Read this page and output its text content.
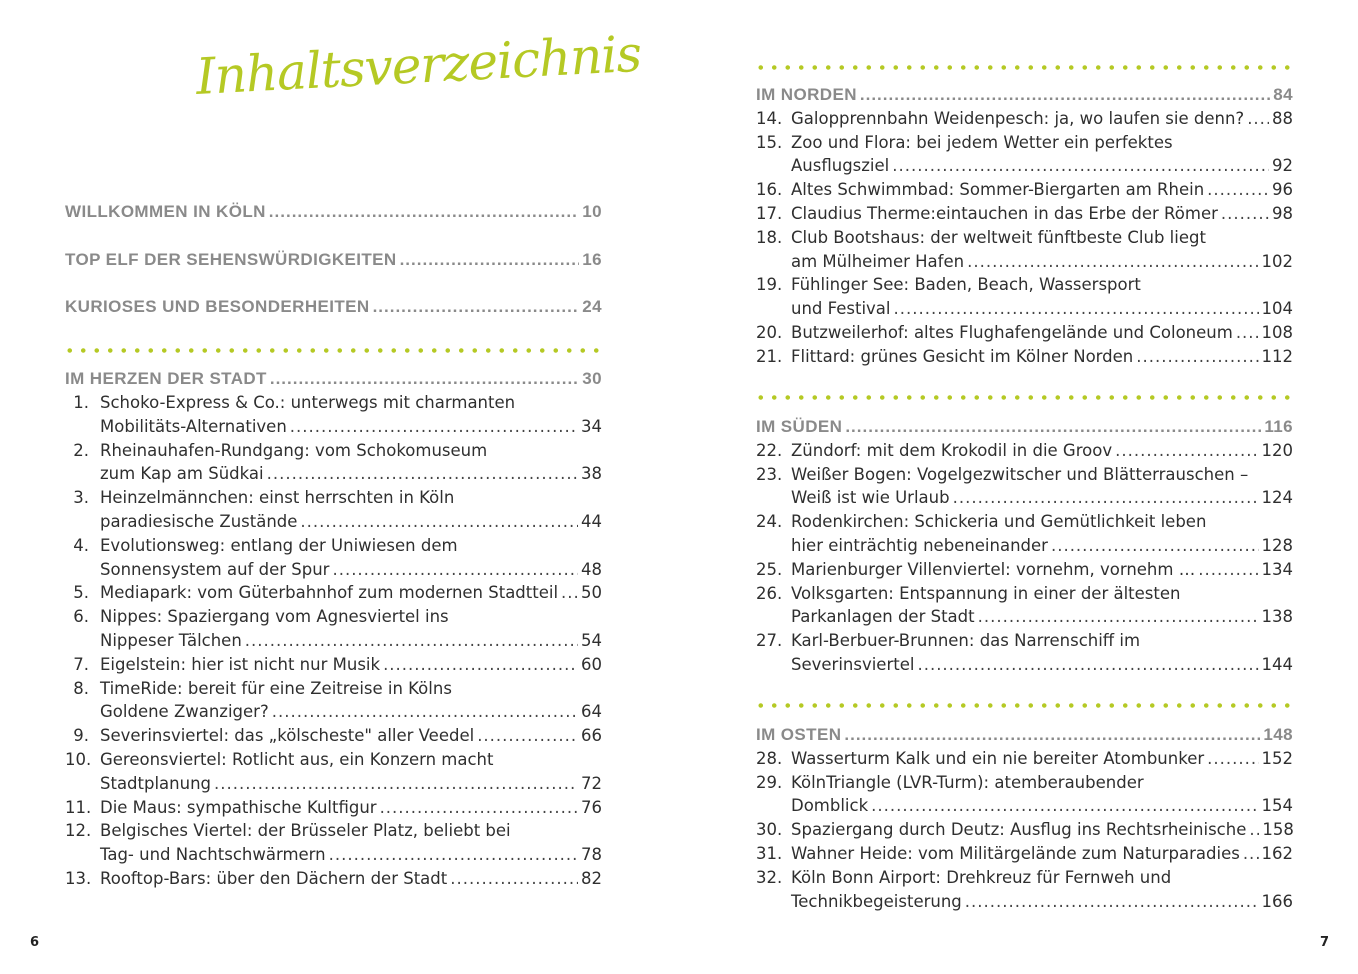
Inhaltsverzeichnis
WILLKOMMEN IN KÖLN .....	10
TOP ELF DER SEHENSWÜRDIGKEITEN .....	16
KURIOSES UND BESONDERHEITEN .....	24
IM HERZEN DER STADT .....	30
1. Schoko-Express & Co.: unterwegs mit charmanten
Mobilitäts-Alternativen .....	34
2. Rheinauhafen-Rundgang: vom Schokomuseum
zum Kap am Südkai .....	38
3. Heinzelmännchen: einst herrschten in Köln
paradiesische Zustände .....	44
4. Evolutionsweg: entlang der Uniwiesen dem
Sonnensystem auf der Spur .....	48
5. Mediapark: vom Güterbahnhof zum modernen Stadtteil ..... 50
6. Nippes: Spaziergang vom Agnesviertel ins
Nippeser Tälchen .....	54
7. Eigelstein: hier ist nicht nur Musik .....	60
8. TimeRide: bereit für eine Zeitreise in Kölns
Goldene Zwanziger? .....	64
9. Severinsviertel: das „kölscheste" aller Veedel .....	66
10. Gereonsviertel: Rotlicht aus, ein Konzern macht
Stadtplanung .....	72
11. Die Maus: sympathische Kultfigur .....	76
12. Belgisches Viertel: der Brüsseler Platz, beliebt bei
Tag- und Nachtschwärmern .....	78
13. Rooftop-Bars: über den Dächern der Stadt .....	82
6
IM NORDEN .....	84
14. Galopprennbahn Weidenpesch: ja, wo laufen sie denn? ..... 88
15. Zoo und Flora: bei jedem Wetter ein perfektes
Ausflugsziel .....	92
16. Altes Schwimmbad: Sommer-Biergarten am Rhein .....	96
17. Claudius Therme:eintauchen in das Erbe der Römer .....	98
18. Club Bootshaus: der weltweit fünftbeste Club liegt
am Mülheimer Hafen .....	102
19. Fühlinger See: Baden, Beach, Wassersport
und Festival .....	104
20. Butzweilerhof: altes Flughafengelände und Coloneum ..... 108
21. Flittard: grünes Gesicht im Kölner Norden .....	112
IM SÜDEN .....	116
22. Zündorf: mit dem Krokodil in die Groov .....	120
23. Weißer Bogen: Vogelgezwitscher und Blätterrauschen –
Weiß ist wie Urlaub .....	124
24. Rodenkirchen: Schickeria und Gemütlichkeit leben
hier einträchtig nebeneinander .....	128
25. Marienburger Villenviertel: vornehm, vornehm … .....	134
26. Volksgarten: Entspannung in einer der ältesten
Parkanlagen der Stadt .....	138
27. Karl-Berbuer-Brunnen: das Narrenschiff im
Severinsviertel .....	144
IM OSTEN .....	148
28. Wasserturm Kalk und ein nie bereiter Atombunker .....	152
29. KölnTriangle (LVR-Turm): atemberaubender
Domblick .....	154
30. Spaziergang durch Deutz: Ausflug ins Rechtsrheinische ..... 158
31. Wahner Heide: vom Militärgelände zum Naturparadies ..... 162
32. Köln Bonn Airport: Drehkreuz für Fernweh und
Technikbegeisterung .....	166
7
